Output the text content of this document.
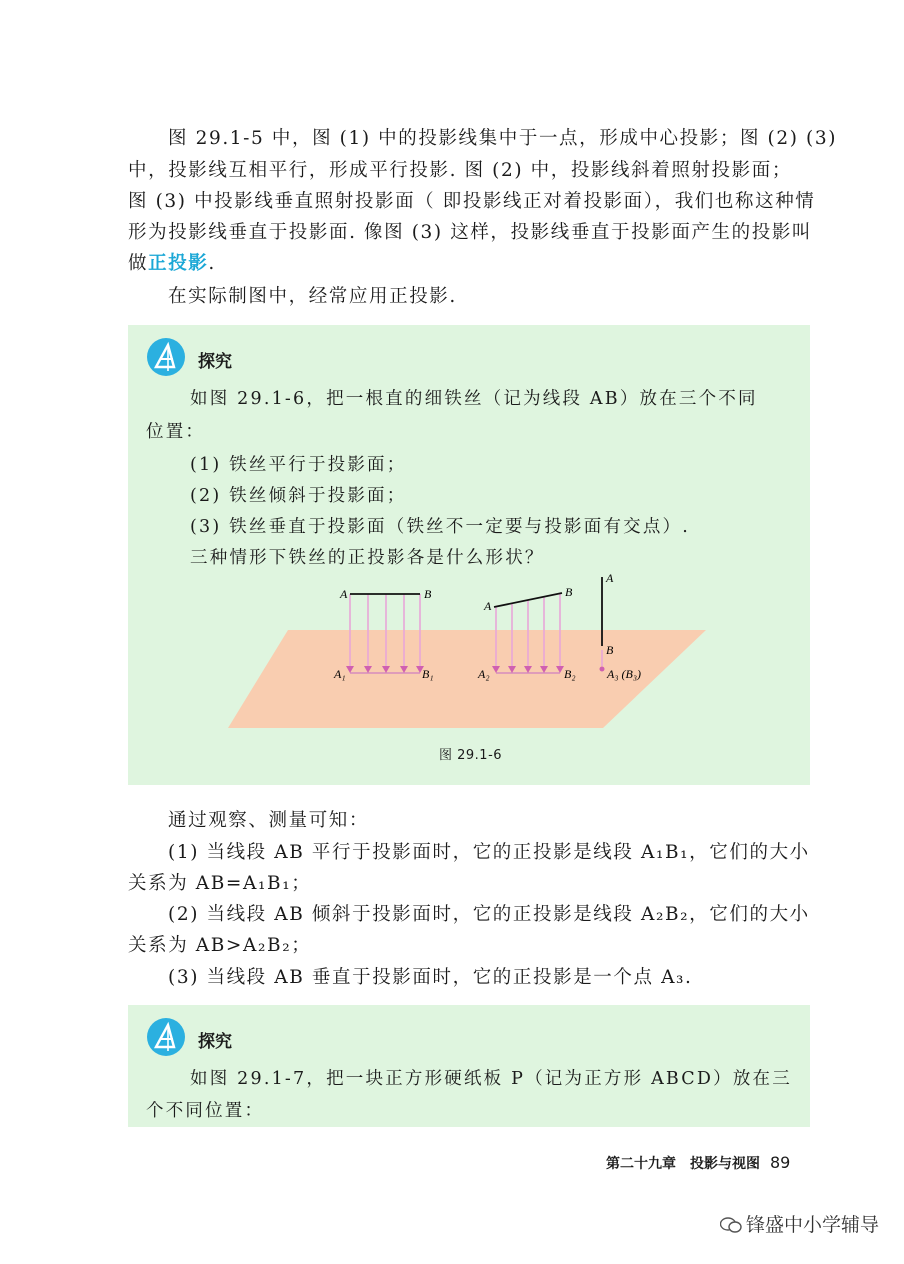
图 29.1-5 中，图 (1) 中的投影线集中于一点，形成中心投影；图 (2) (3)

中，投影线互相平行，形成平行投影. 图 (2) 中，投影线斜着照射投影面；

图 (3) 中投影线垂直照射投影面（ 即投影线正对着投影面），我们也称这种情

形为投影线垂直于投影面. 像图 (3) 这样，投影线垂直于投影面产生的投影叫

做正投影.

在实际制图中，经常应用正投影.

探究
如图 29.1-6，把一根直的细铁丝（记为线段 AB）放在三个不同
位置：
(1) 铁丝平行于投影面；
(2) 铁丝倾斜于投影面；
(3) 铁丝垂直于投影面（铁丝不一定要与投影面有交点）.
三种情形下铁丝的正投影各是什么形状？
A	B
A₁	B₁
A
B
A₂	B₂
A
B
A₃ (B₃)
图 29.1-6

通过观察、测量可知：

(1) 当线段 AB 平行于投影面时，它的正投影是线段 A₁B₁，它们的大小

关系为 AB=A₁B₁；

(2) 当线段 AB 倾斜于投影面时，它的正投影是线段 A₂B₂，它们的大小

关系为 AB>A₂B₂；

(3) 当线段 AB 垂直于投影面时，它的正投影是一个点 A₃.

探究
如图 29.1-7，把一块正方形硬纸板 P（记为正方形 ABCD）放在三
个不同位置：
第二十九章　投影与视图 89
锋盛中小学辅导
